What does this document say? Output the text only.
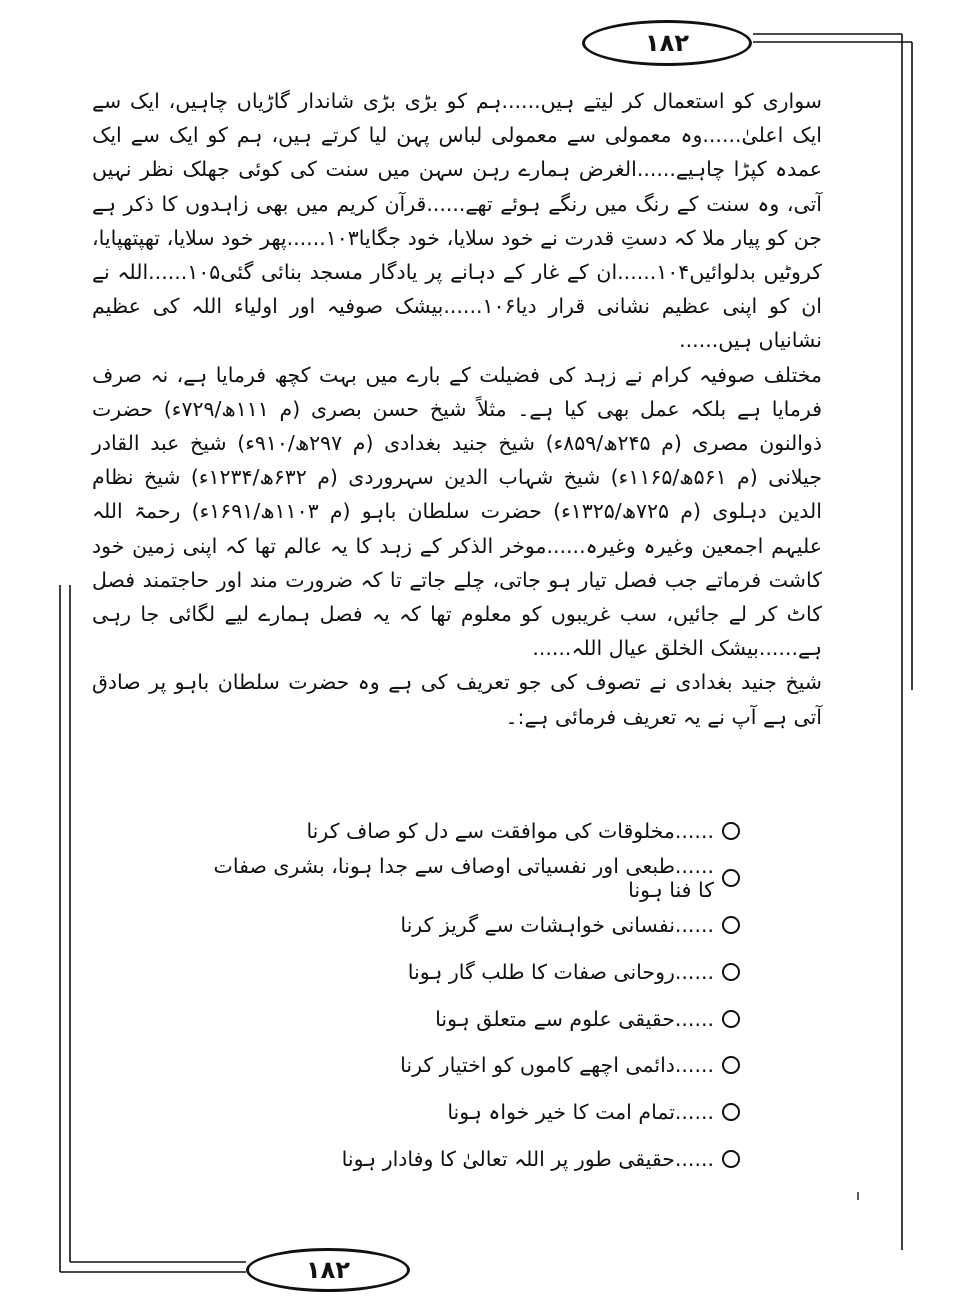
۱۸۲

سواری کو استعمال کر لیتے ہیں......ہم کو بڑی بڑی شاندار گاڑیاں چاہیں، ایک سے ایک اعلیٰ......وہ معمولی سے معمولی لباس پہن لیا کرتے ہیں، ہم کو ایک سے ایک عمدہ کپڑا چاہیے......الغرض ہمارے رہن سہن میں سنت کی کوئی جھلک نظر نہیں آتی، وہ سنت کے رنگ میں رنگے ہوئے تھے......قرآن کریم میں بھی زاہدوں کا ذکر ہے جن کو پیار ملا کہ دستِ قدرت نے خود سلایا، خود جگایا۱۰۳......پھر خود سلایا، تھپتھپایا، کروٹیں بدلوائیں۱۰۴......ان کے غار کے دہانے پر یادگار مسجد بنائی گئی۱۰۵......اللہ نے ان کو اپنی عظیم نشانی قرار دیا۱۰۶......بیشک صوفیہ اور اولیاء اللہ کی عظیم نشانیاں ہیں......

مختلف صوفیہ کرام نے زہد کی فضیلت کے بارے میں بہت کچھ فرمایا ہے، نہ صرف فرمایا ہے بلکہ عمل بھی کیا ہے۔ مثلاً شیخ حسن بصری (م ۱۱۱ھ/۷۲۹ء) حضرت ذوالنون مصری (م ۲۴۵ھ/۸۵۹ء) شیخ جنید بغدادی (م ۲۹۷ھ/۹۱۰ء) شیخ عبد القادر جیلانی (م ۵۶۱ھ/۱۱۶۵ء) شیخ شہاب الدین سہروردی (م ۶۳۲ھ/۱۲۳۴ء) شیخ نظام الدین دہلوی (م ۷۲۵ھ/۱۳۲۵ء) حضرت سلطان باہو (م ۱۱۰۳ھ/۱۶۹۱ء) رحمۃ اللہ علیہم اجمعین وغیرہ وغیرہ......موخر الذکر کے زہد کا یہ عالم تھا کہ اپنی زمین خود کاشت فرماتے جب فصل تیار ہو جاتی، چلے جاتے تا کہ ضرورت مند اور حاجتمند فصل کاٹ کر لے جائیں، سب غریبوں کو معلوم تھا کہ یہ فصل ہمارے لیے لگائی جا رہی ہے......بیشک الخلق عیال اللہ......

شیخ جنید بغدادی نے تصوف کی جو تعریف کی ہے وہ حضرت سلطان باہو پر صادق آتی ہے آپ نے یہ تعریف فرمائی ہے:۔

......مخلوقات کی موافقت سے دل کو صاف کرنا
......طبعی اور نفسیاتی اوصاف سے جدا ہونا، بشری صفات کا فنا ہونا
......نفسانی خواہشات سے گریز کرنا
......روحانی صفات کا طلب گار ہونا
......حقیقی علوم سے متعلق ہونا
......دائمی اچھے کاموں کو اختیار کرنا
......تمام امت کا خیر خواہ ہونا
......حقیقی طور پر اللہ تعالیٰ کا وفادار ہونا
۱۸۲
